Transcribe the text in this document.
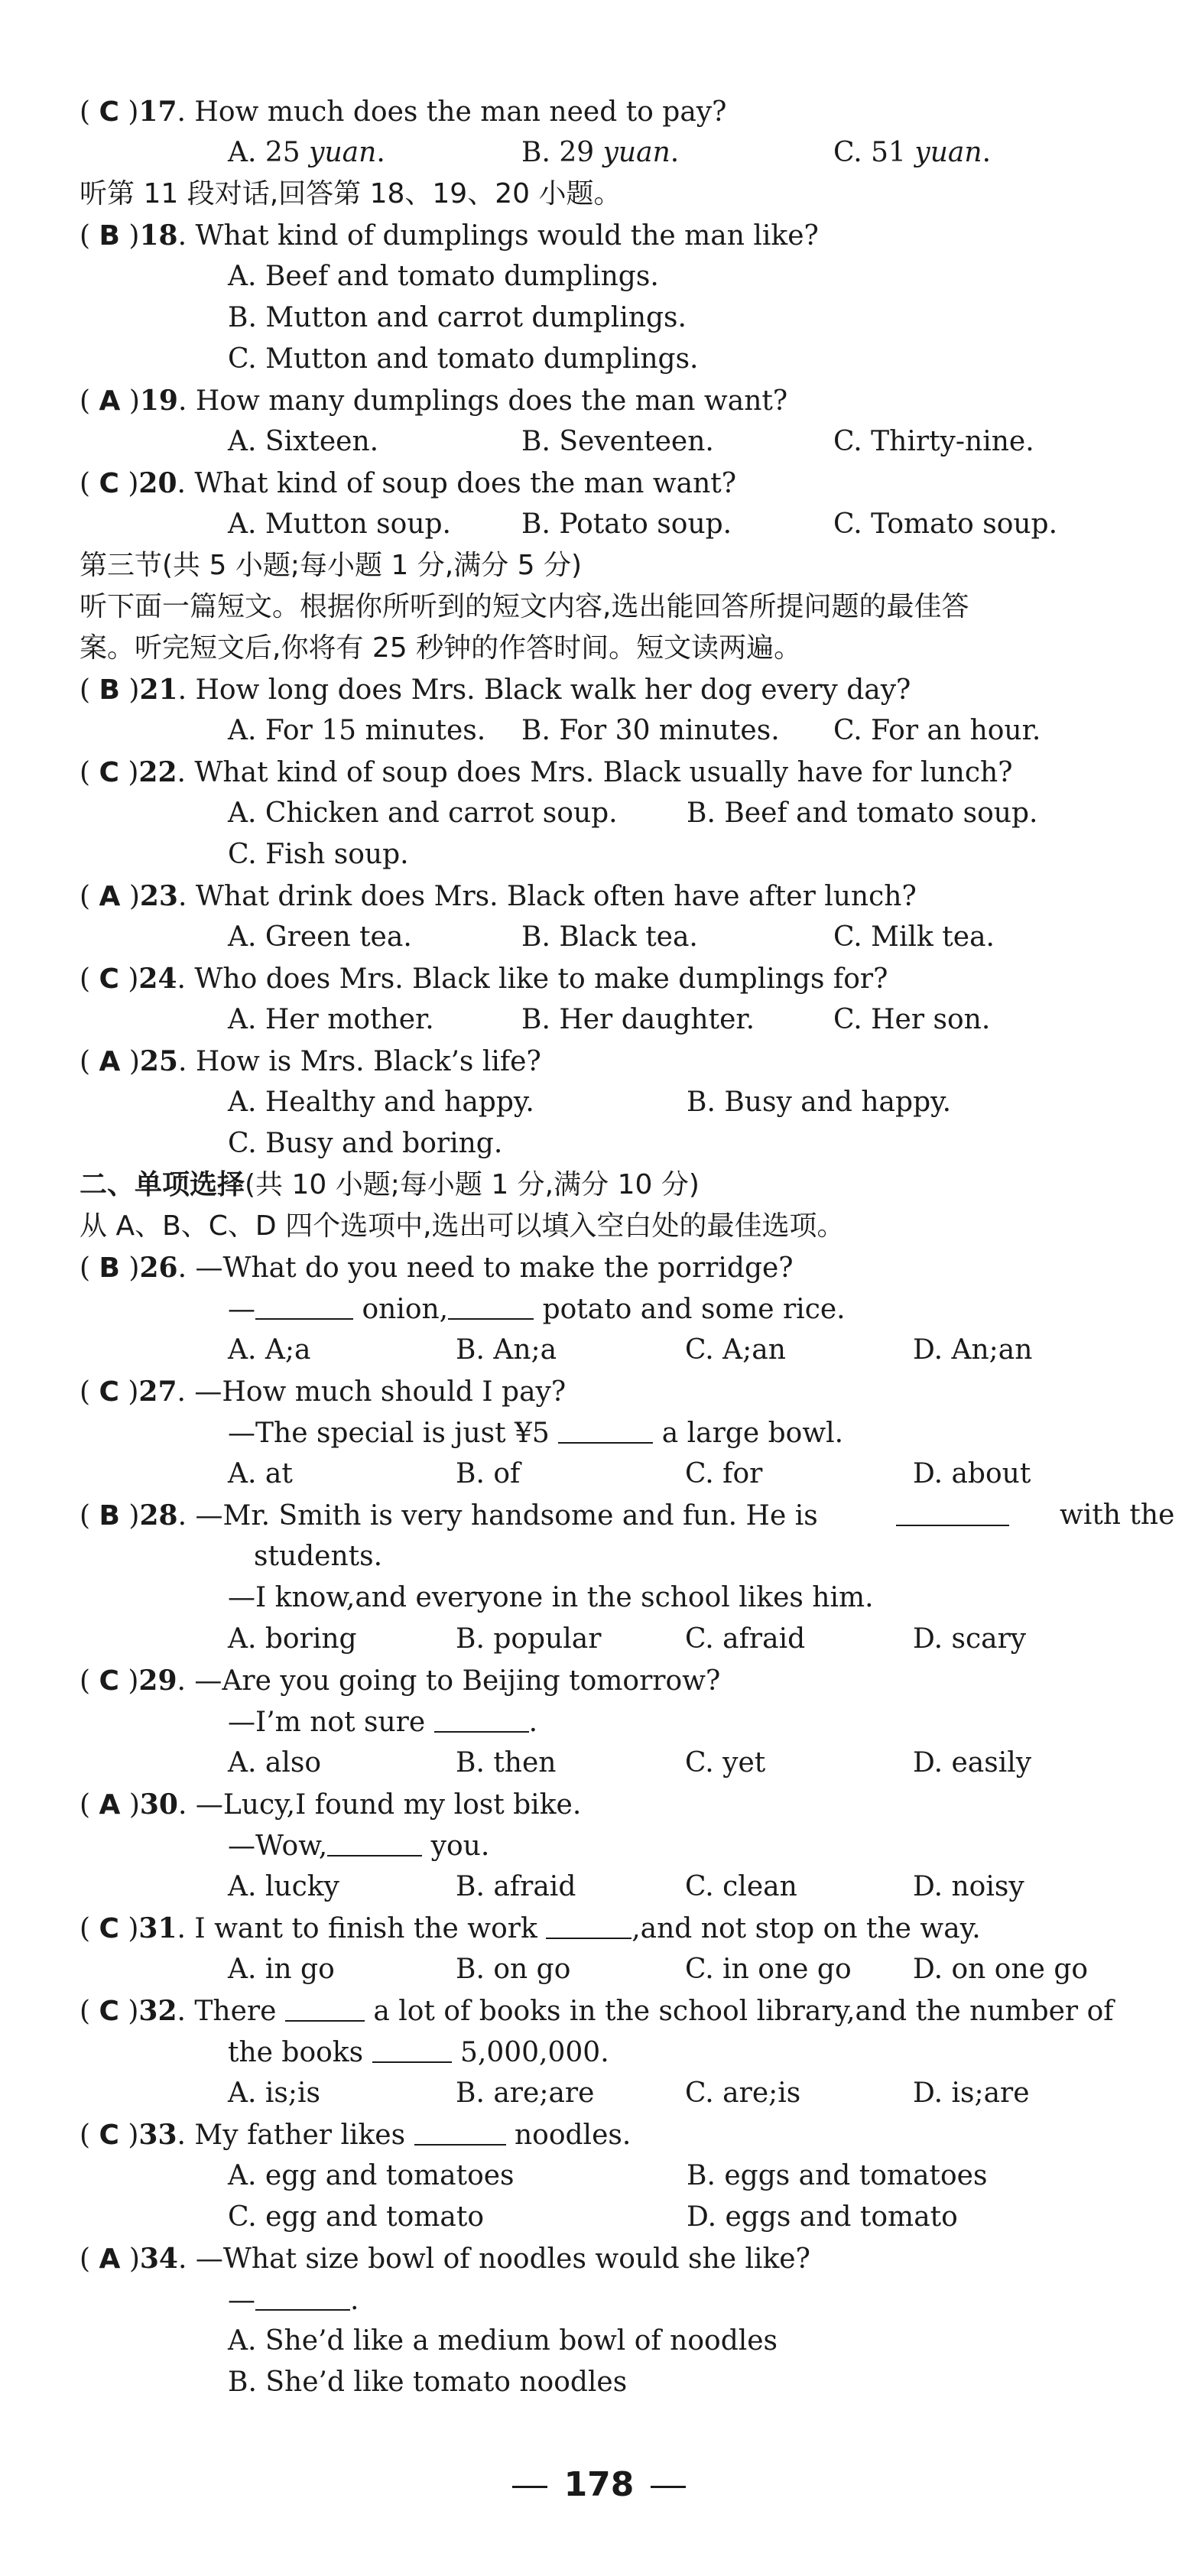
( C )17. How much does the man need to pay?
A. 25 yuan.	B. 29 yuan.	C. 51 yuan.
听第 11 段对话,回答第 18、19、20 小题。
( B )18. What kind of dumplings would the man like?
A. Beef and tomato dumplings.
B. Mutton and carrot dumplings.
C. Mutton and tomato dumplings.
( A )19. How many dumplings does the man want?
A. Sixteen.	B. Seventeen.	C. Thirty-nine.
( C )20. What kind of soup does the man want?
A. Mutton soup.	B. Potato soup.	C. Tomato soup.
第三节(共 5 小题;每小题 1 分,满分 5 分)
听下面一篇短文。根据你所听到的短文内容,选出能回答所提问题的最佳答
案。听完短文后,你将有 25 秒钟的作答时间。短文读两遍。
( B )21. How long does Mrs. Black walk her dog every day?
A. For 15 minutes. B. For 30 minutes. C. For an hour.
( C )22. What kind of soup does Mrs. Black usually have for lunch?
A. Chicken and carrot soup.	B. Beef and tomato soup.
C. Fish soup.
( A )23. What drink does Mrs. Black often have after lunch?
A. Green tea.	B. Black tea.	C. Milk tea.
( C )24. Who does Mrs. Black like to make dumplings for?
A. Her mother.	B. Her daughter.	C. Her son.
( A )25. How is Mrs. Black’s life?
A. Healthy and happy.	B. Busy and happy.
C. Busy and boring.
二、单项选择(共 10 小题;每小题 1 分,满分 10 分)
从 A、B、C、D 四个选项中,选出可以填入空白处的最佳选项。
( B )26. —What do you need to make the porridge?
—	onion,	potato and some rice.
A. A;a	B. An;a	C. A;an	D. An;an
( C )27. —How much should I pay?
—The special is just ¥5	a large bowl.
A. at	B. of	C. for	D. about
( B )28. —Mr. Smith is very handsome and fun. He is	with the
students.
—I know,and everyone in the school likes him.
A. boring	B. popular	C. afraid	D. scary
( C )29. —Are you going to Beijing tomorrow?
—I’m not sure	.
A. also	B. then	C. yet	D. easily
( A )30. —Lucy,I found my lost bike.
—Wow,	you.
A. lucky	B. afraid	C. clean	D. noisy
( C )31. I want to finish the work	,and not stop on the way.
A. in go	B. on go	C. in one go D. on one go
( C )32. There	a lot of books in the school library,and the number of
the books	5,000,000.
A. is;is	B. are;are	C. are;is	D. is;are
( C )33. My father likes	noodles.
A. egg and tomatoes	B. eggs and tomatoes
C. egg and tomato	D. eggs and tomato
( A )34. —What size bowl of noodles would she like?
—	.
A. She’d like a medium bowl of noodles
B. She’d like tomato noodles
178
